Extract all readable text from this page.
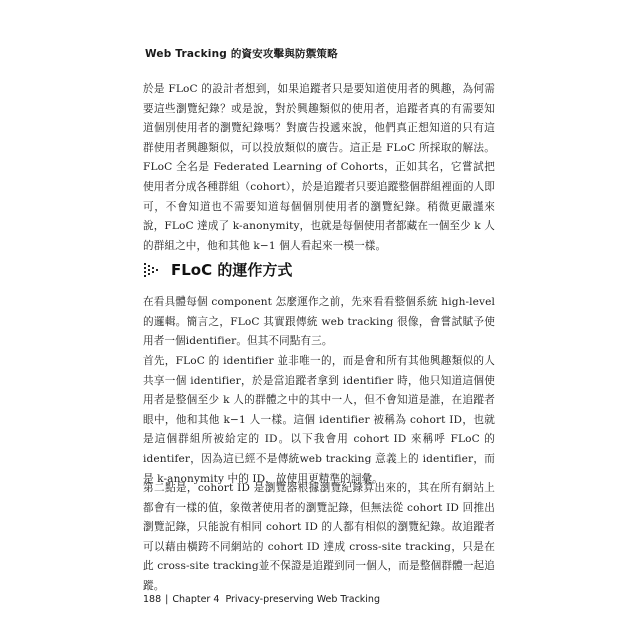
Web Tracking 的資安攻擊與防禦策略
於是 FLoC 的設計者想到，如果追蹤者只是要知道使用者的興趣，為何需要這些瀏覽紀錄？或是說，對於興趣類似的使用者，追蹤者真的有需要知道個別使用者的瀏覽紀錄嗎？對廣告投遞來說，他們真正想知道的只有這群使用者興趣類似，可以投放類似的廣告。這正是 FLoC 所採取的解法。FLoC 全名是 Federated Learning of Cohorts，正如其名，它嘗試把使用者分成各種群組（cohort），於是追蹤者只要追蹤整個群組裡面的人即可，不會知道也不需要知道每個個別使用者的瀏覽紀錄。稍微更嚴謹來說，FLoC 達成了 k-anonymity，也就是每個使用者都藏在一個至少 k 人的群組之中，他和其他 k−1 個人看起來一模一樣。
FLoC 的運作方式
在看具體每個 component 怎麼運作之前，先來看看整個系統 high-level 的邏輯。簡言之，FLoC 其實跟傳統 web tracking 很像，會嘗試賦予使用者一個identifier。但其不同點有三。
首先，FLoC 的 identifier 並非唯一的，而是會和所有其他興趣類似的人共享一個 identifier，於是當追蹤者拿到 identifier 時，他只知道這個使用者是整個至少 k 人的群體之中的其中一人，但不會知道是誰，在追蹤者眼中，他和其他 k−1 人一樣。這個 identifier 被稱為 cohort ID，也就是這個群組所被給定的 ID。以下我會用 cohort ID 來稱呼 FLoC 的 identifer，因為這已經不是傳統web tracking 意義上的 identifier，而是 k-anonymity 中的 ID，故使用更精準的詞彙。
第二點是，cohort ID 是瀏覽器根據瀏覽紀錄算出來的，其在所有網站上都會有一樣的值，象徵著使用者的瀏覽記錄，但無法從 cohort ID 回推出瀏覽記錄，只能說有相同 cohort ID 的人都有相似的瀏覽紀錄。故追蹤者可以藉由橫跨不同網站的 cohort ID 達成 cross-site tracking，只是在此 cross-site tracking並不保證是追蹤到同一個人，而是整個群體一起追蹤。
188 | Chapter 4 Privacy-preserving Web Tracking
